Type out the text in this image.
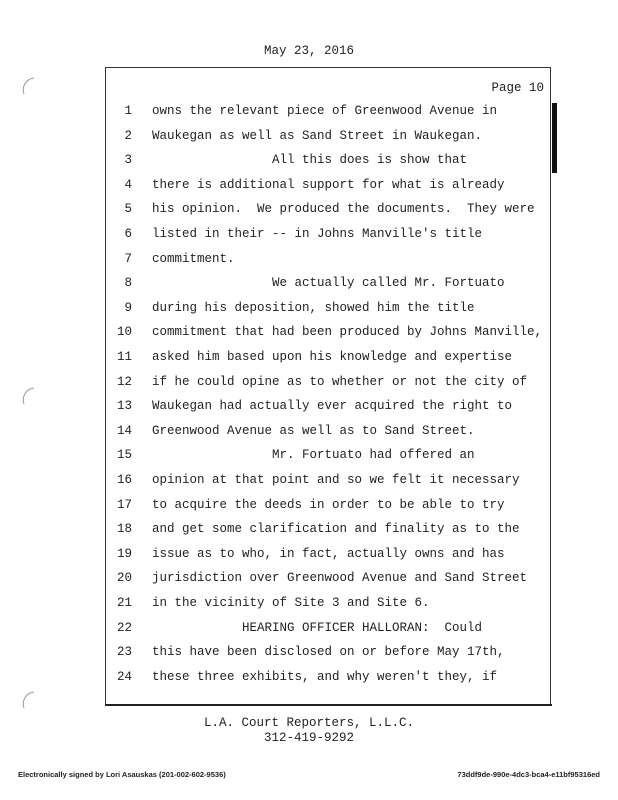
May 23, 2016
Page 10
1 owns the relevant piece of Greenwood Avenue in
2 Waukegan as well as Sand Street in Waukegan.
3 All this does is show that
4 there is additional support for what is already
5 his opinion.  We produced the documents.  They were
6 listed in their -- in Johns Manville's title
7 commitment.
8 We actually called Mr. Fortuato
9 during his deposition, showed him the title
10 commitment that had been produced by Johns Manville,
11 asked him based upon his knowledge and expertise
12 if he could opine as to whether or not the city of
13 Waukegan had actually ever acquired the right to
14 Greenwood Avenue as well as to Sand Street.
15 Mr. Fortuato had offered an
16 opinion at that point and so we felt it necessary
17 to acquire the deeds in order to be able to try
18 and get some clarification and finality as to the
19 issue as to who, in fact, actually owns and has
20 jurisdiction over Greenwood Avenue and Sand Street
21 in the vicinity of Site 3 and Site 6.
22 HEARING OFFICER HALLORAN:  Could
23 this have been disclosed on or before May 17th,
24 these three exhibits, and why weren't they, if
L.A. Court Reporters, L.L.C.
312-419-9292
Electronically signed by Lori Asauskas (201-002-602-9536)	73ddf9de-990e-4dc3-bca4-e11bf95316ed
